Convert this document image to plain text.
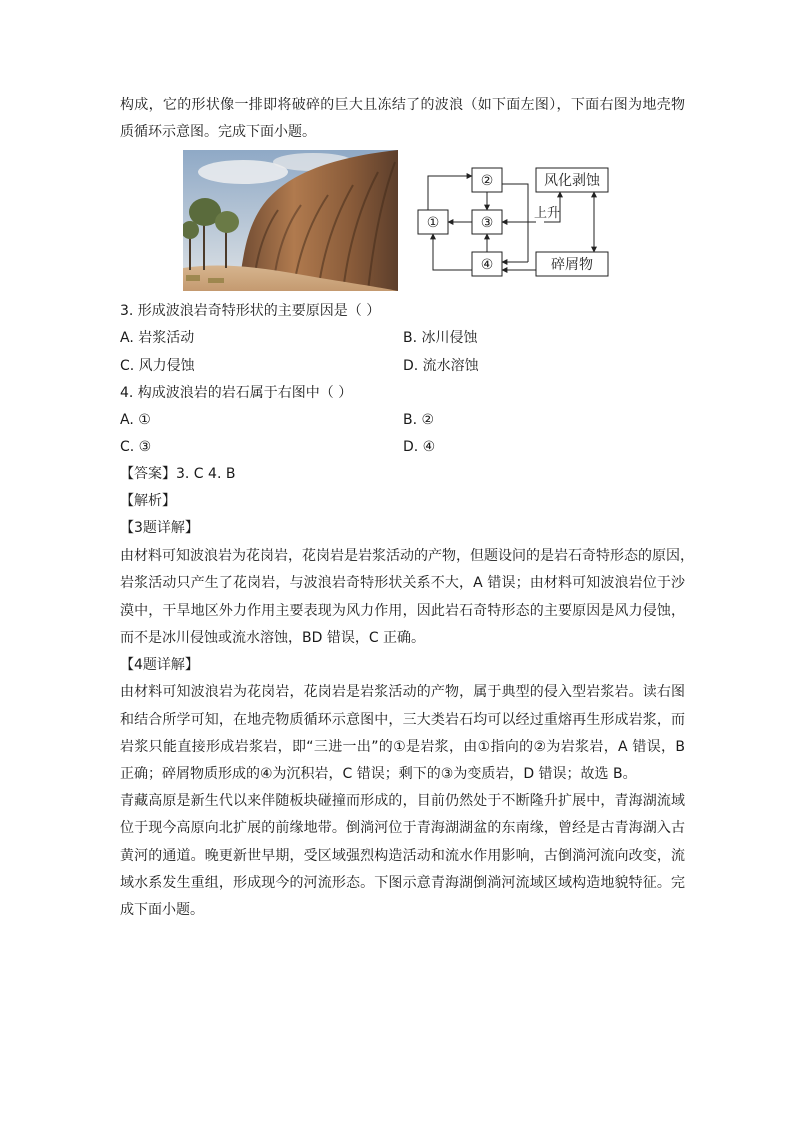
构成，它的形状像一排即将破碎的巨大且冻结了的波浪（如下面左图），下面右图为地壳物
质循环示意图。完成下面小题。
①
②
③
④
风化剥蚀
碎屑物
上升
3. 形成波浪岩奇特形状的主要原因是（ ）
A. 岩浆活动	B. 冰川侵蚀
C. 风力侵蚀	D. 流水溶蚀
4. 构成波浪岩的岩石属于右图中（ ）
A. ①	B. ②
C. ③	D. ④
【答案】3. C 4. B
【解析】
【3题详解】
由材料可知波浪岩为花岗岩，花岗岩是岩浆活动的产物，但题设问的是岩石奇特形态的原因，
岩浆活动只产生了花岗岩，与波浪岩奇特形状关系不大，A 错误；由材料可知波浪岩位于沙
漠中，干旱地区外力作用主要表现为风力作用，因此岩石奇特形态的主要原因是风力侵蚀，
而不是冰川侵蚀或流水溶蚀，BD 错误，C 正确。
【4题详解】
由材料可知波浪岩为花岗岩，花岗岩是岩浆活动的产物，属于典型的侵入型岩浆岩。读右图
和结合所学可知，在地壳物质循环示意图中，三大类岩石均可以经过重熔再生形成岩浆，而
岩浆只能直接形成岩浆岩，即“三进一出”的①是岩浆，由①指向的②为岩浆岩，A 错误，B
正确；碎屑物质形成的④为沉积岩，C 错误；剩下的③为变质岩，D 错误；故选 B。
青藏高原是新生代以来伴随板块碰撞而形成的，目前仍然处于不断隆升扩展中，青海湖流域
位于现今高原向北扩展的前缘地带。倒淌河位于青海湖湖盆的东南缘，曾经是古青海湖入古
黄河的通道。晚更新世早期，受区域强烈构造活动和流水作用影响，古倒淌河流向改变，流
域水系发生重组，形成现今的河流形态。下图示意青海湖倒淌河流域区域构造地貌特征。完
成下面小题。
